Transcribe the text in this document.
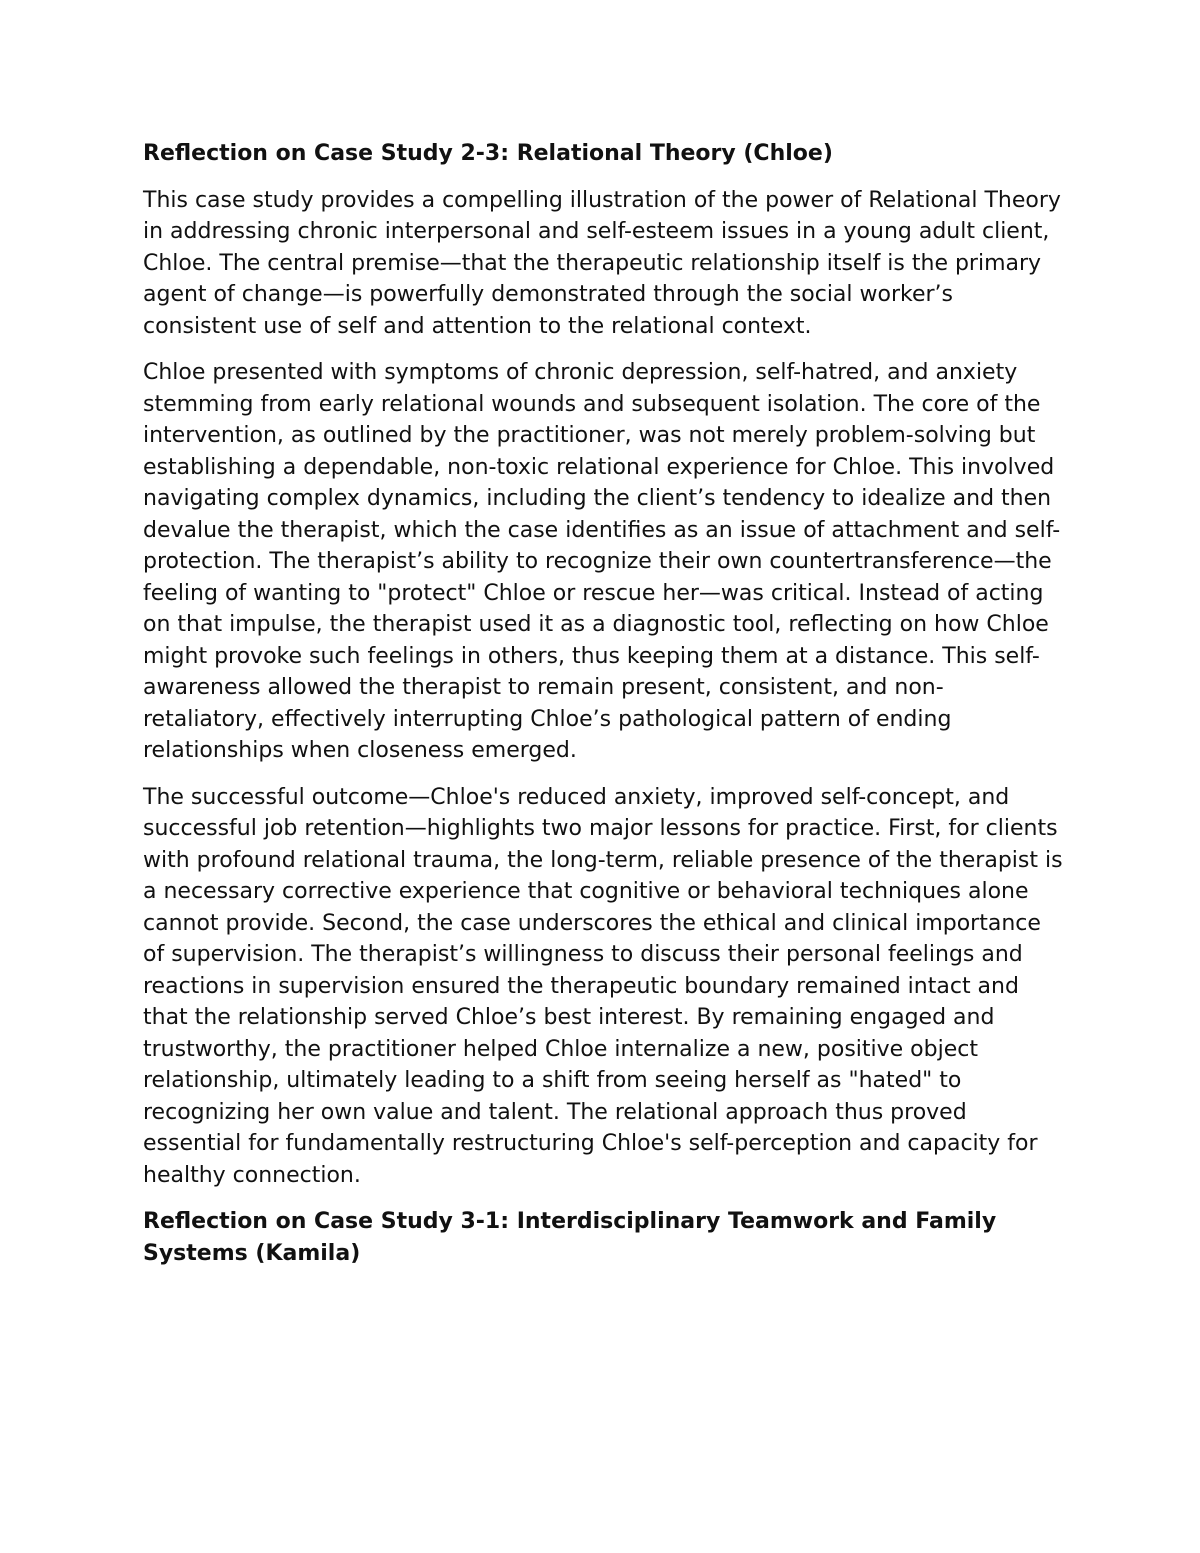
Reflection on Case Study 2-3: Relational Theory (Chloe)

This case study provides a compelling illustration of the power of Relational Theory in addressing chronic interpersonal and self-esteem issues in a young adult client, Chloe. The central premise—that the therapeutic relationship itself is the primary agent of change—is powerfully demonstrated through the social worker’s consistent use of self and attention to the relational context.

Chloe presented with symptoms of chronic depression, self-hatred, and anxiety stemming from early relational wounds and subsequent isolation. The core of the intervention, as outlined by the practitioner, was not merely problem-solving but establishing a dependable, non-toxic relational experience for Chloe. This involved navigating complex dynamics, including the client’s tendency to idealize and then devalue the therapist, which the case identifies as an issue of attachment and self-protection. The therapist’s ability to recognize their own countertransference—the feeling of wanting to "protect" Chloe or rescue her—was critical. Instead of acting on that impulse, the therapist used it as a diagnostic tool, reflecting on how Chloe might provoke such feelings in others, thus keeping them at a distance. This self-awareness allowed the therapist to remain present, consistent, and non-retaliatory, effectively interrupting Chloe’s pathological pattern of ending relationships when closeness emerged.

The successful outcome—Chloe's reduced anxiety, improved self-concept, and successful job retention—highlights two major lessons for practice. First, for clients with profound relational trauma, the long-term, reliable presence of the therapist is a necessary corrective experience that cognitive or behavioral techniques alone cannot provide. Second, the case underscores the ethical and clinical importance of supervision. The therapist’s willingness to discuss their personal feelings and reactions in supervision ensured the therapeutic boundary remained intact and that the relationship served Chloe’s best interest. By remaining engaged and trustworthy, the practitioner helped Chloe internalize a new, positive object relationship, ultimately leading to a shift from seeing herself as "hated" to recognizing her own value and talent. The relational approach thus proved essential for fundamentally restructuring Chloe's self-perception and capacity for healthy connection.

Reflection on Case Study 3-1: Interdisciplinary Teamwork and Family Systems (Kamila)
